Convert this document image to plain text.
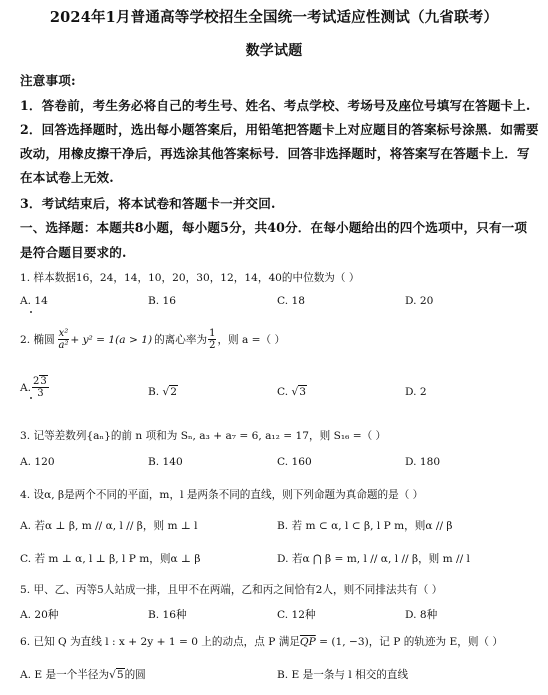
2024年1月普通高等学校招生全国统一考试适应性测试（九省联考）
数学试题
注意事项:
1．答卷前，考生务必将自己的考生号、姓名、考点学校、考场号及座位号填写在答题卡上.
2．回答选择题时，选出每小题答案后，用铅笔把答题卡上对应题目的答案标号涂黑．如需要
改动，用橡皮擦干净后，再选涂其他答案标号．回答非选择题时，将答案写在答题卡上．写
在本试卷上无效.
3．考试结束后，将本试卷和答题卡一并交回.
一、选择题：本题共8小题，每小题5分，共40分．在每小题给出的四个选项中，只有一项
是符合题目要求的.
1. 样本数据16，24，14，10，20，30，12，14，40的中位数为（ ）
A. 14	B. 16	C. 18	D. 20
2. 椭圆 $\frac{\text{x²}}{\text{a²}} + y^2 = 1(a > 1)$ 的离心率为 $\frac{1}{2}$ ，则 a =（ ）
A. $\frac{23}{3}$	B. √2	C. √3	D. 2
3. 记等差数列{aₙ}的前 n 项和为 Sₙ, a₃ + a₇ = 6, a₁₂ = 17，则 S₁₆ =（ ）
A. 120	B. 140	C. 160	D. 180
4. 设α, β是两个不同的平面，m，l 是两条不同的直线，则下列命题为真命题的是（ ）
A. 若α ⊥ β, m // α, l // β，则 m ⊥ l	B. 若 m ⊂ α, l ⊂ β, l P m，则α // β
C. 若 m ⊥ α, l ⊥ β, l P m，则α ⊥ β	D. 若α ⋂ β = m, l // α, l // β，则 m // l
5. 甲、乙、丙等5人站成一排，且甲不在两端，乙和丙之间恰有2人，则不同排法共有（ ）
A. 20种	B. 16种	C. 12种	D. 8种
6. 已知 Q 为直线 l : x + 2y + 1 = 0 上的动点，点 P 满足$\overline{QP} = (1$, −3)，记 P 的轨迹为 E，则（ ）
A. E 是一个半径为√5的圆	B. E 是一条与 l 相交的直线
